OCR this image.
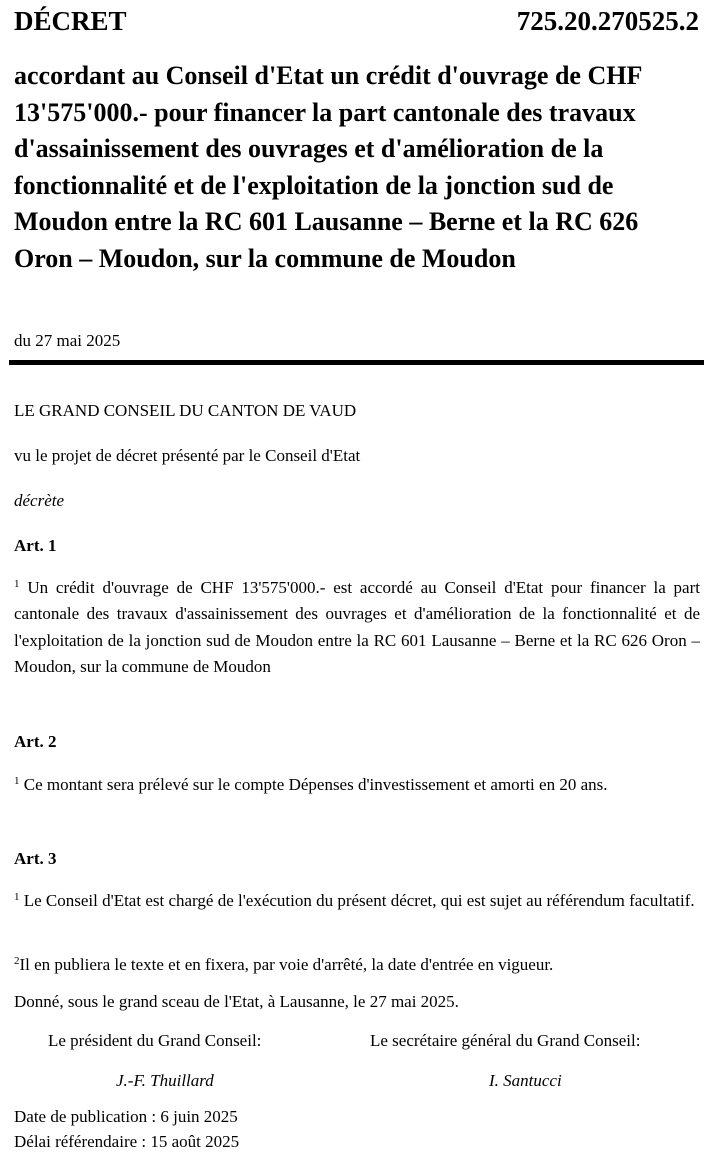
DÉCRET	725.20.270525.2

accordant au Conseil d'Etat un crédit d'ouvrage de CHF 13'575'000.- pour financer la part cantonale des travaux d'assainissement des ouvrages et d'amélioration de la fonctionnalité et de l'exploitation de la jonction sud de Moudon entre la RC 601 Lausanne – Berne et la RC 626 Oron – Moudon, sur la commune de Moudon

du 27 mai 2025
LE GRAND CONSEIL DU CANTON DE VAUD
vu le projet de décret présenté par le Conseil d'Etat
décrète
Art. 1

$^1$ Un crédit d'ouvrage de CHF 13'575'000.- est accordé au Conseil d'Etat pour financer la part cantonale des travaux d'assainissement des ouvrages et d'amélioration de la fonctionnalité et de l'exploitation de la jonction sud de Moudon entre la RC 601 Lausanne – Berne et la RC 626 Oron – Moudon, sur la commune de Moudon

Art. 2

$^1$ Ce montant sera prélevé sur le compte Dépenses d'investissement et amorti en 20 ans.

Art. 3

$^1$ Le Conseil d'Etat est chargé de l'exécution du présent décret, qui est sujet au référendum facultatif.

$^2$Il en publiera le texte et en fixera, par voie d'arrêté, la date d'entrée en vigueur.

Donné, sous le grand sceau de l'Etat, à Lausanne, le 27 mai 2025.
Le président du Grand Conseil:	Le secrétaire général du Grand Conseil:
J.-F. Thuillard	I. Santucci
Date de publication : 6 juin 2025
Délai référendaire : 15 août 2025
